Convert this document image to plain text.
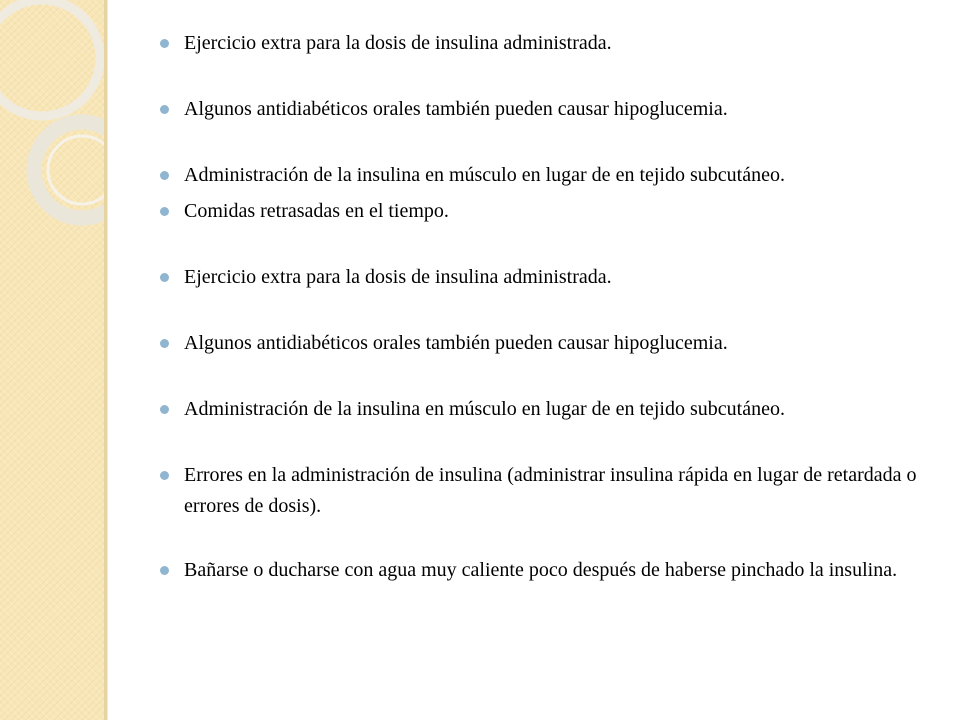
Ejercicio extra para la dosis de insulina administrada.
Algunos antidiabéticos orales también pueden causar hipoglucemia.
Administración de la insulina en músculo en lugar de en tejido subcutáneo.
Comidas retrasadas en el tiempo.
Ejercicio extra para la dosis de insulina administrada.
Algunos antidiabéticos orales también pueden causar hipoglucemia.
Administración de la insulina en músculo en lugar de en tejido subcutáneo.
Errores en la administración de insulina (administrar insulina rápida en lugar de retardada o errores de dosis).
Bañarse o ducharse con agua muy caliente poco después de haberse pinchado la insulina.
